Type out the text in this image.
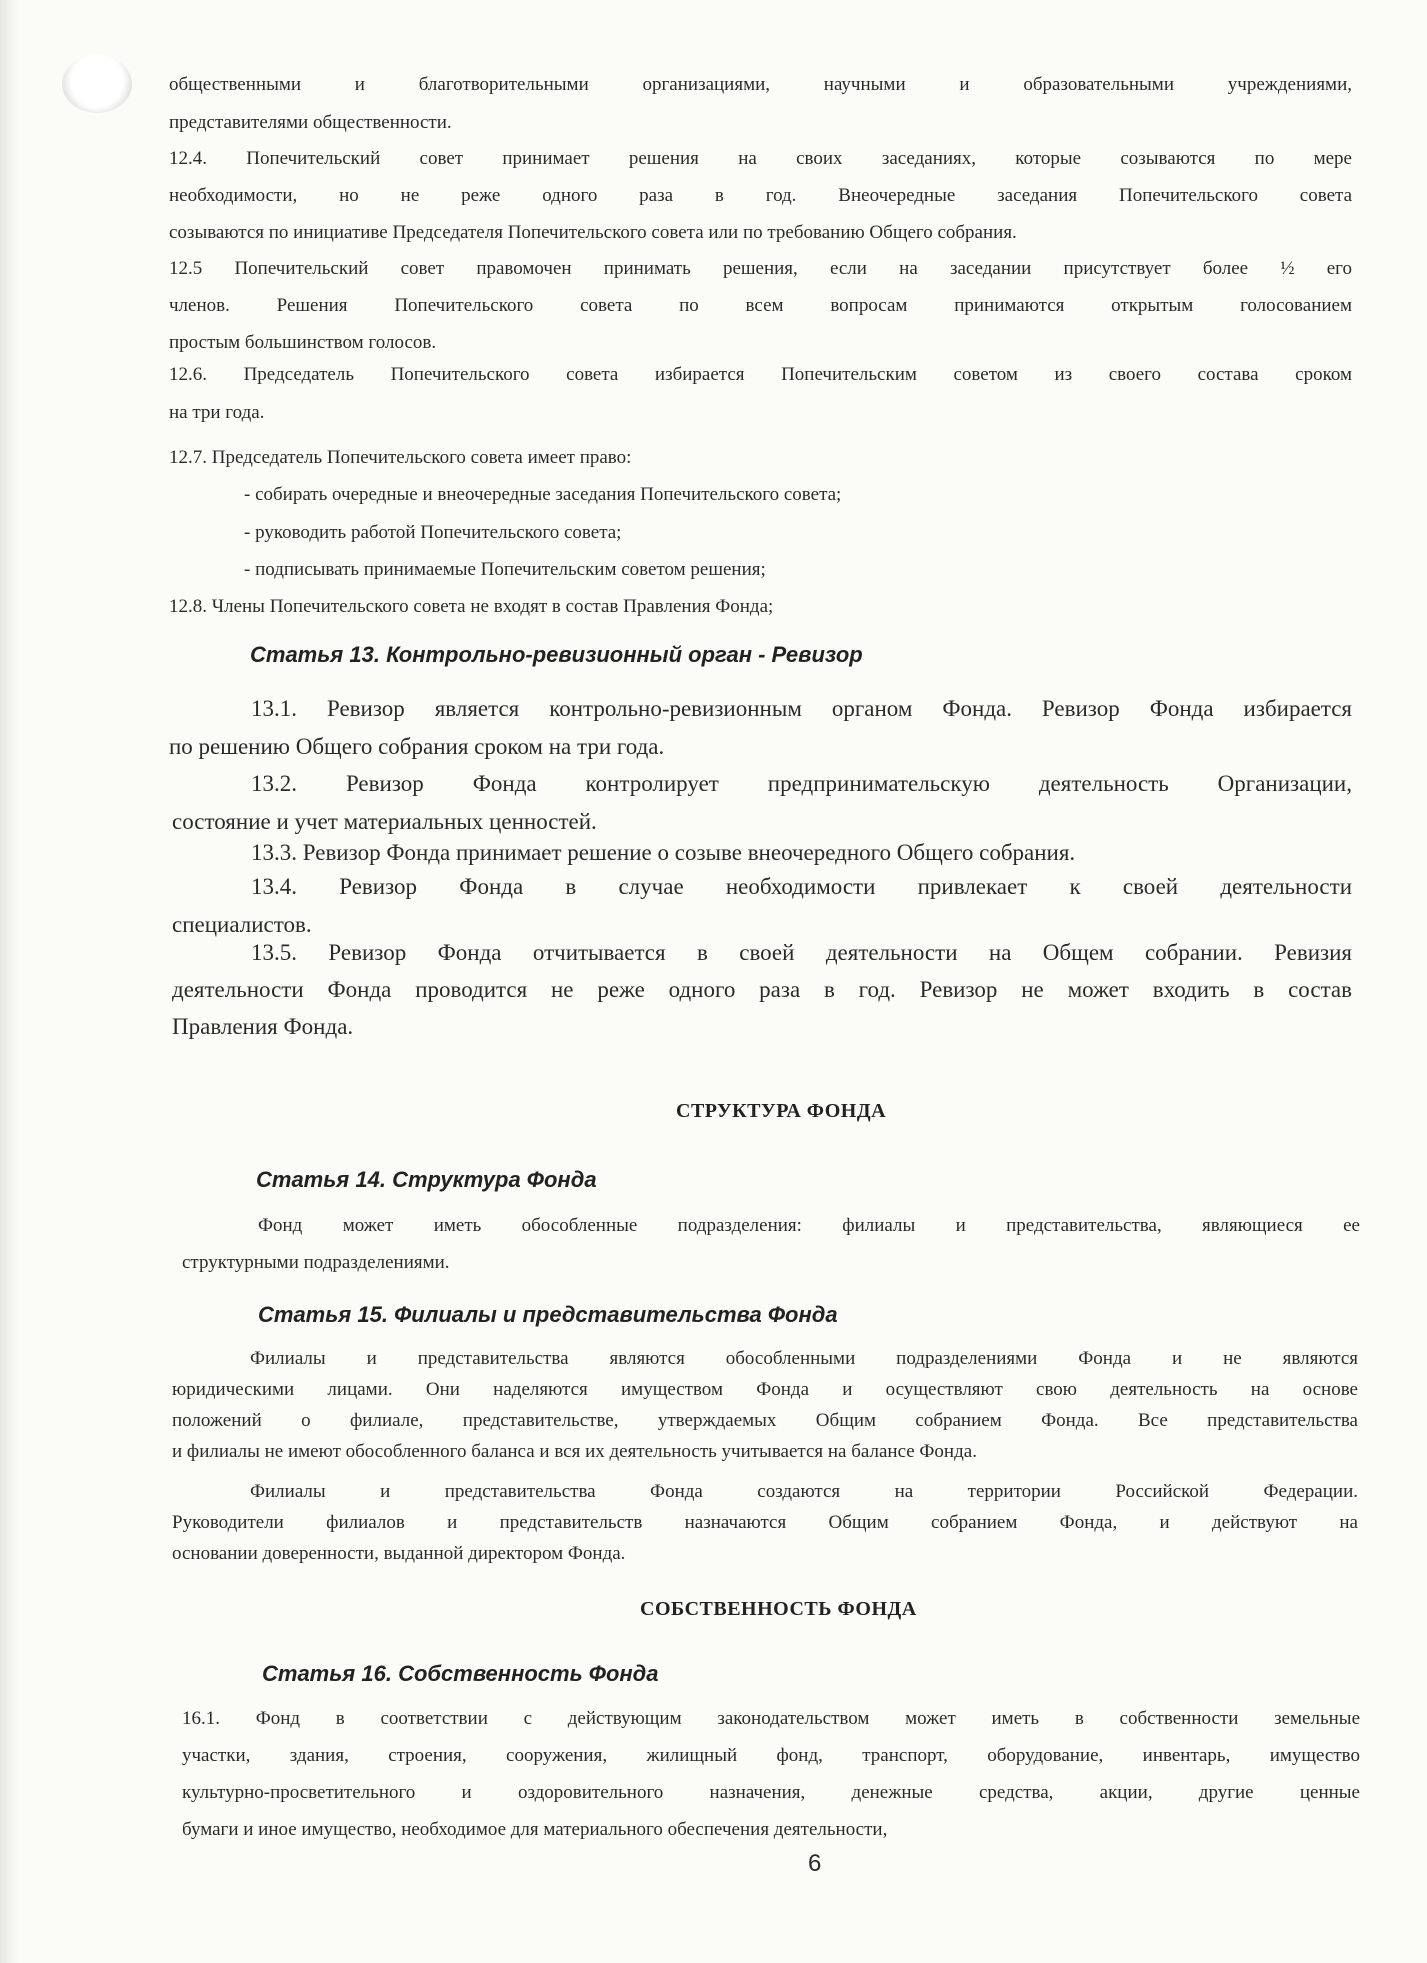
общественными и благотворительными организациями, научными и образовательными учреждениями,
представителями общественности.
12.4. Попечительский совет принимает решения на своих заседаниях, которые созываются по мере
необходимости, но не реже одного раза в год. Внеочередные заседания Попечительского совета
созываются по инициативе Председателя Попечительского совета или по требованию Общего собрания.
12.5 Попечительский совет правомочен принимать решения, если на заседании присутствует более ½ его
членов. Решения Попечительского совета по всем вопросам принимаются открытым голосованием
простым большинством голосов.
12.6. Председатель Попечительского совета избирается Попечительским советом из своего состава сроком
на три года.
12.7. Председатель Попечительского совета имеет право:
- собирать очередные и внеочередные заседания Попечительского совета;
- руководить работой Попечительского совета;
- подписывать принимаемые Попечительским советом решения;
12.8. Члены Попечительского совета не входят в состав Правления Фонда;
13.1. Ревизор является контрольно-ревизионным органом Фонда. Ревизор Фонда избирается
по решению Общего собрания сроком на три года.
13.2. Ревизор Фонда контролирует предпринимательскую деятельность Организации,
состояние и учет материальных ценностей.
13.3. Ревизор Фонда принимает решение о созыве внеочередного Общего собрания.
13.4. Ревизор Фонда в случае необходимости привлекает к своей деятельности
специалистов.
13.5. Ревизор Фонда отчитывается в своей деятельности на Общем собрании. Ревизия
деятельности Фонда проводится не реже одного раза в год. Ревизор не может входить в состав
Правления Фонда.
Фонд может иметь обособленные подразделения: филиалы и представительства, являющиеся ее
структурными подразделениями.
Филиалы и представительства являются обособленными подразделениями Фонда и не являются
юридическими лицами. Они наделяются имуществом Фонда и осуществляют свою деятельность на основе
положений о филиале, представительстве, утверждаемых Общим собранием Фонда. Все представительства
и филиалы не имеют обособленного баланса и вся их деятельность учитывается на балансе Фонда.
Филиалы и представительства Фонда создаются на территории Российской Федерации.
Руководители филиалов и представительств назначаются Общим собранием Фонда, и действуют на
основании доверенности, выданной директором Фонда.
16.1. Фонд в соответствии с действующим законодательством может иметь в собственности земельные
участки, здания, строения, сооружения, жилищный фонд, транспорт, оборудование, инвентарь, имущество
культурно-просветительного и оздоровительного назначения, денежные средства, акции, другие ценные
бумаги и иное имущество, необходимое для материального обеспечения деятельности,
Статья 13. Контрольно-ревизионный орган - Ревизор
СТРУКТУРА ФОНДА
Статья 14. Структура Фонда
Статья 15. Филиалы и представительства Фонда
СОБСТВЕННОСТЬ ФОНДА
Статья 16. Собственность Фонда
6
